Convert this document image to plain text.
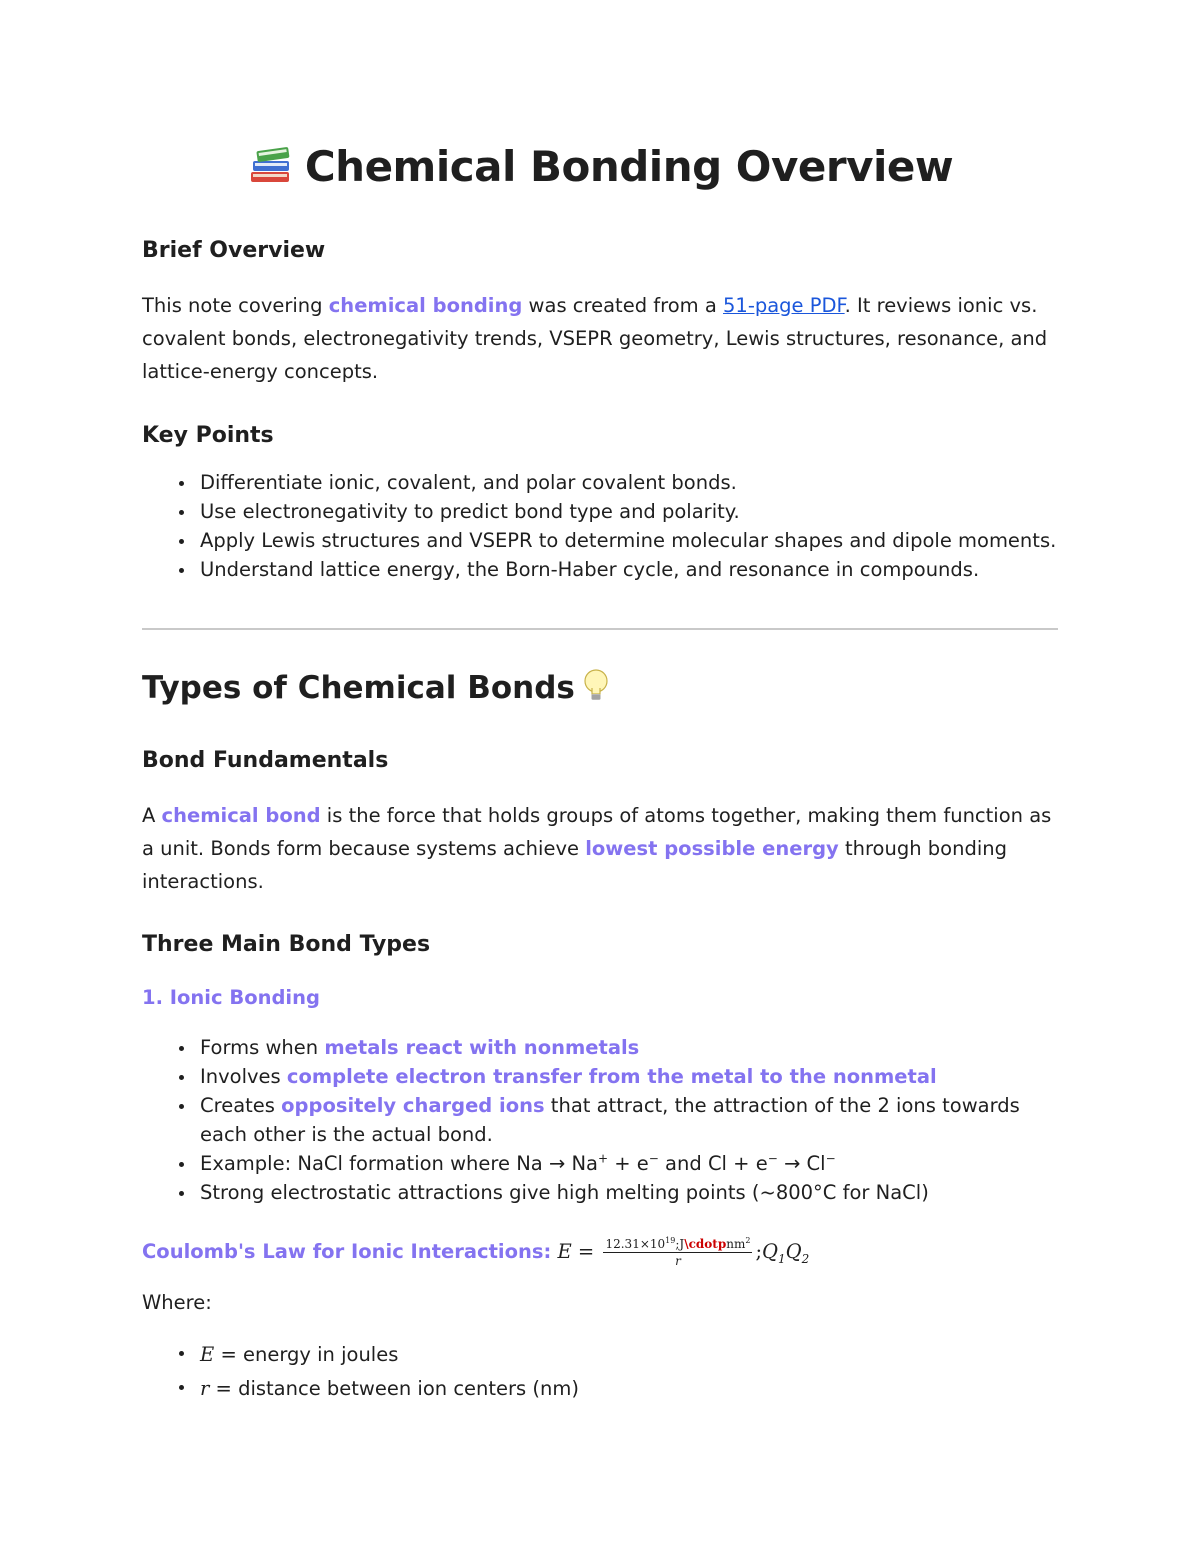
Chemical Bonding Overview
Brief Overview

This note covering chemical bonding was created from a 51-page PDF. It reviews ionic vs. covalent bonds, electronegativity trends, VSEPR geometry, Lewis structures, resonance, and lattice-energy concepts.

Key Points
Differentiate ionic, covalent, and polar covalent bonds.
Use electronegativity to predict bond type and polarity.
Apply Lewis structures and VSEPR to determine molecular shapes and dipole moments.
Understand lattice energy, the Born-Haber cycle, and resonance in compounds.
Types of Chemical Bonds
Bond Fundamentals

A chemical bond is the force that holds groups of atoms together, making them function as a unit. Bonds form because systems achieve lowest possible energy through bonding interactions.

Three Main Bond Types
1. Ionic Bonding
Forms when metals react with nonmetals
Involves complete electron transfer from the metal to the nonmetal
Creates oppositely charged ions that attract, the attraction of the 2 ions towards each other is the actual bond.
Example: NaCl formation where Na → Na+ + e− and Cl + e− → Cl−
Strong electrostatic attractions give high melting points (~800°C for NaCl)
Coulomb's Law for Ionic Interactions: $E = \frac{12.31\times 10^{19};J\backslash cdotpnm^2}{r}$ $;Q_1Q_2$

Where:

E = energy in joules
r = distance between ion centers (nm)
